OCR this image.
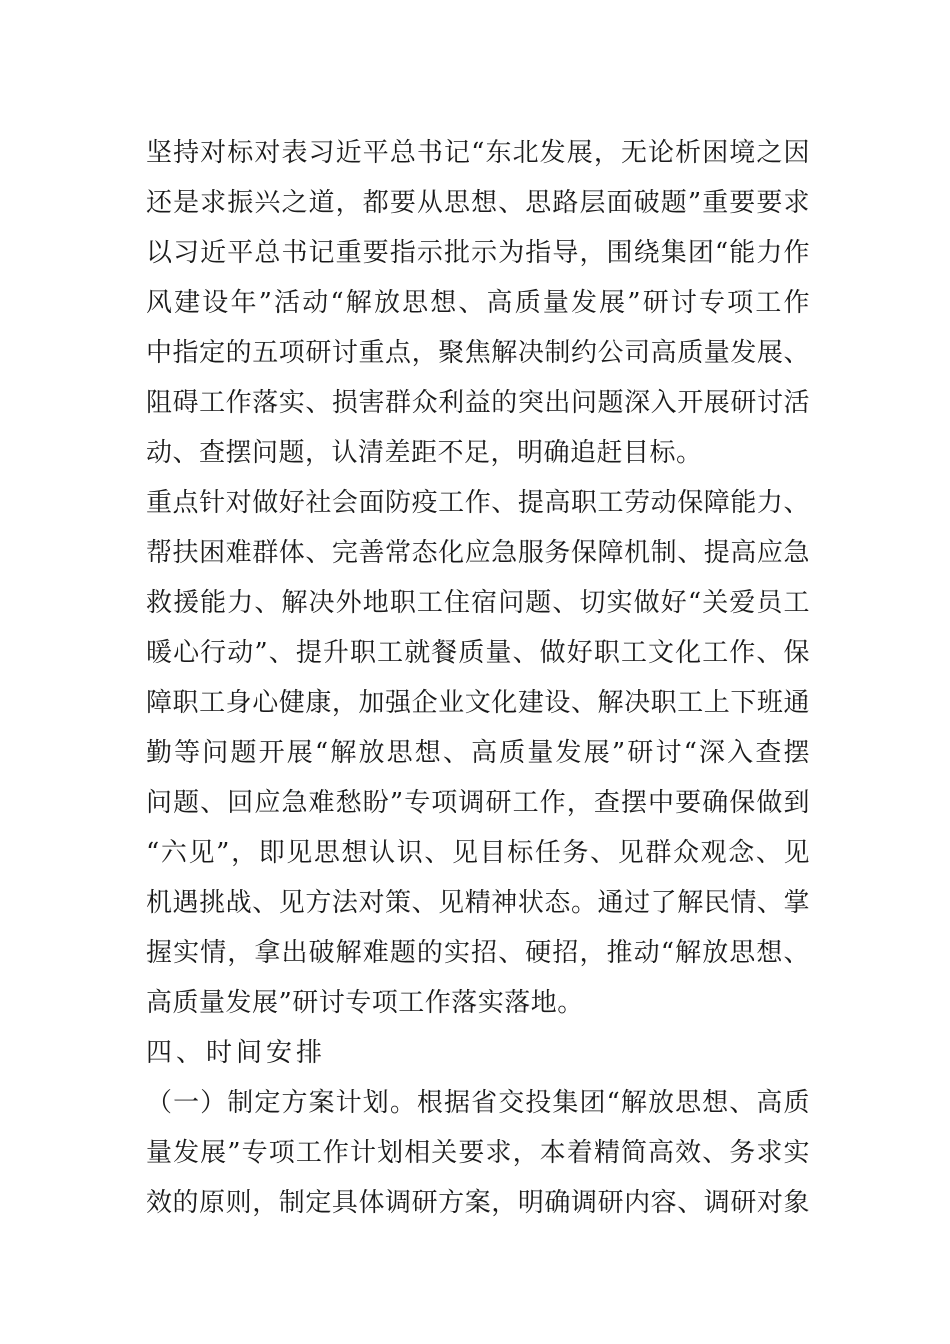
坚持对标对表习近平总书记“东北发展，无论析困境之因
还是求振兴之道，都要从思想、思路层面破题”重要要求
以习近平总书记重要指示批示为指导，围绕集团“能力作
风建设年”活动“解放思想、高质量发展”研讨专项工作
中指定的五项研讨重点，聚焦解决制约公司高质量发展、
阻碍工作落实、损害群众利益的突出问题深入开展研讨活
动、查摆问题，认清差距不足，明确追赶目标。
重点针对做好社会面防疫工作、提高职工劳动保障能力、
帮扶困难群体、完善常态化应急服务保障机制、提高应急
救援能力、解决外地职工住宿问题、切实做好“关爱员工
暖心行动”、提升职工就餐质量、做好职工文化工作、保
障职工身心健康，加强企业文化建设、解决职工上下班通
勤等问题开展“解放思想、高质量发展”研讨“深入查摆
问题、回应急难愁盼”专项调研工作，查摆中要确保做到
“六见”，即见思想认识、见目标任务、见群众观念、见
机遇挑战、见方法对策、见精神状态。通过了解民情、掌
握实情，拿出破解难题的实招、硬招，推动“解放思想、
高质量发展”研讨专项工作落实落地。
四、时间安排
（一）制定方案计划。根据省交投集团“解放思想、高质
量发展”专项工作计划相关要求，本着精简高效、务求实
效的原则，制定具体调研方案，明确调研内容、调研对象
